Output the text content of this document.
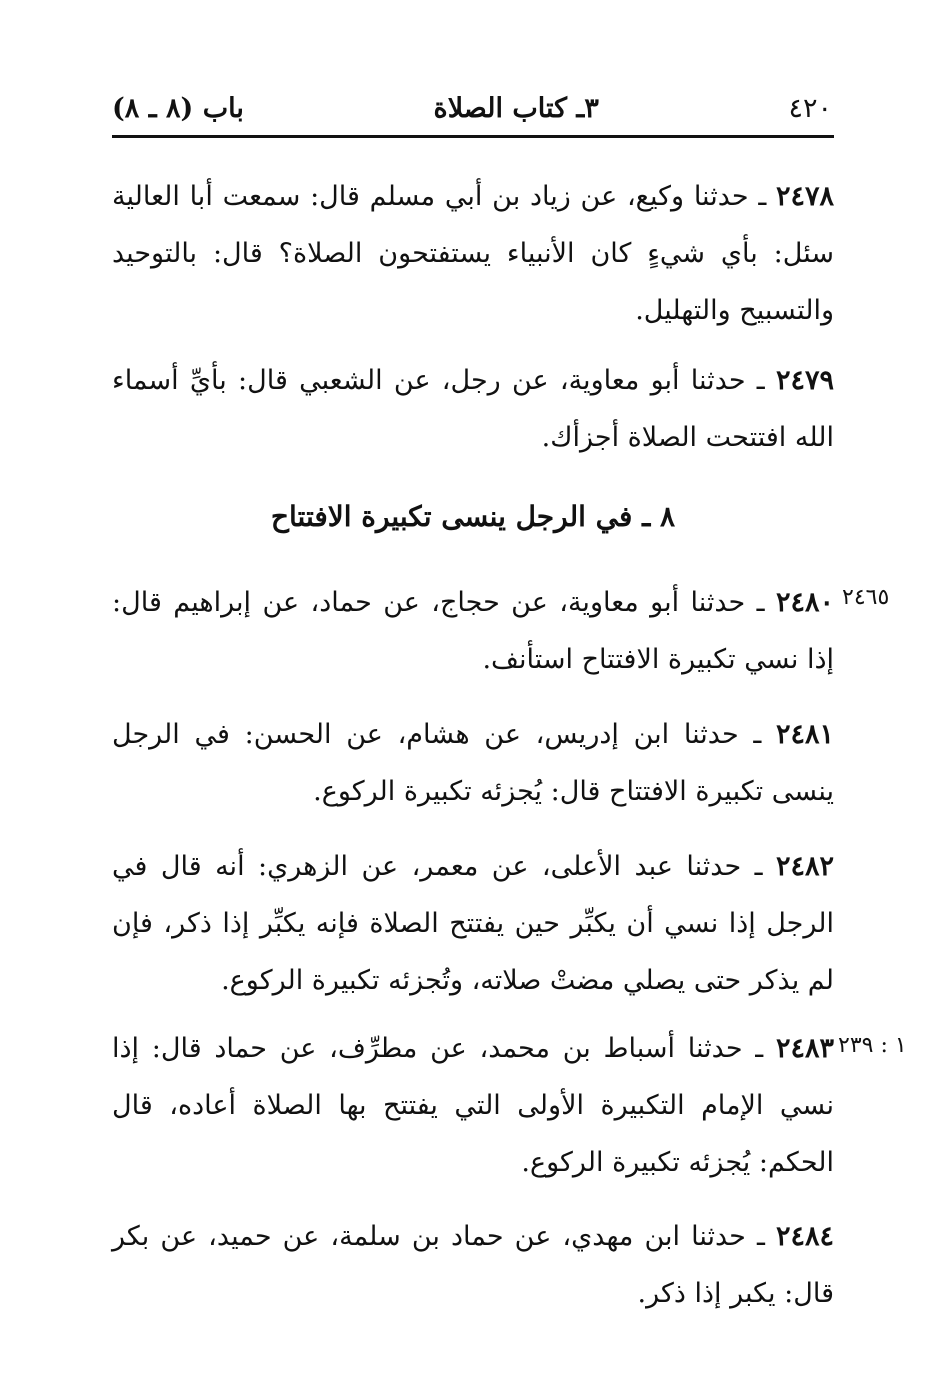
٤٢٠
٣ـ كتاب الصلاة
باب (٨ ـ ٨)
٢٤٧٨ ـ حدثنا وكيع، عن زياد بن أبي مسلم قال: سمعت أبا العالية سئل: بأي شيءٍ كان الأنبياء يستفتحون الصلاة؟ قال: بالتوحيد والتسبيح والتهليل.
٢٤٧٩ ـ حدثنا أبو معاوية، عن رجل، عن الشعبي قال: بأيِّ أسماء الله افتتحت الصلاة أجزأك.
٨ ـ في الرجل ينسى تكبيرة الافتتاح
٢٤٨٠ ـ حدثنا أبو معاوية، عن حجاج، عن حماد، عن إبراهيم قال: إذا نسي تكبيرة الافتتاح استأنف.
٢٤٦٥
٢٤٨١ ـ حدثنا ابن إدريس، عن هشام، عن الحسن: في الرجل ينسى تكبيرة الافتتاح قال: يُجزئه تكبيرة الركوع.
٢٤٨٢ ـ حدثنا عبد الأعلى، عن معمر، عن الزهري: أنه قال في الرجل إذا نسي أن يكبِّر حين يفتتح الصلاة فإنه يكبِّر إذا ذكر، فإن لم يذكر حتى يصلي مضتْ صلاته، وتُجزئه تكبيرة الركوع.
٢٤٨٣ ـ حدثنا أسباط بن محمد، عن مطرِّف، عن حماد قال: إذا نسي الإمام التكبيرة الأولى التي يفتتح بها الصلاة أعاده، قال الحكم: يُجزئه تكبيرة الركوع.
١ : ٢٣٩
٢٤٨٤ ـ حدثنا ابن مهدي، عن حماد بن سلمة، عن حميد، عن بكر قال: يكبر إذا ذكر.
